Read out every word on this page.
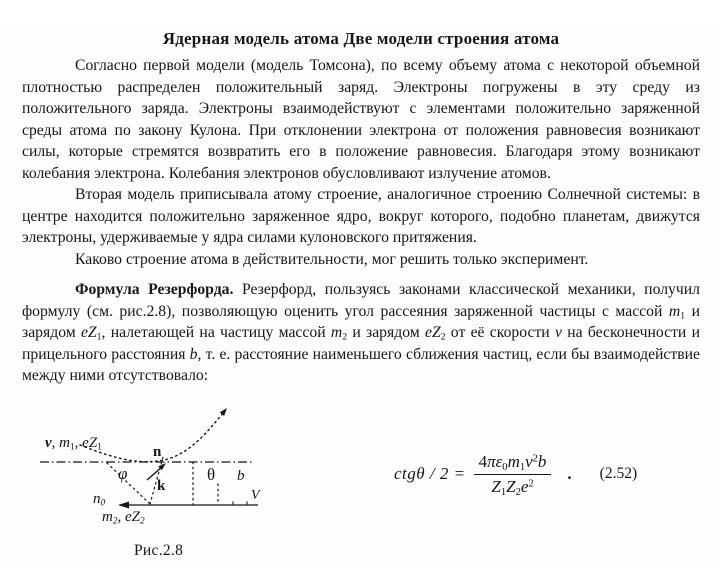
Ядерная модель атома Две модели строения атома

Согласно первой модели (модель Томсона), по всему объему атома с некоторой объемной плотностью распределен положительный заряд. Электроны погружены в эту среду из положительного заряда. Электроны взаимодействуют с элементами положительно заряженной среды атома по закону Кулона. При отклонении электрона от положения равновесия возникают силы, которые стремятся возвратить его в положение равновесия. Благодаря этому возникают колебания электрона. Колебания электронов обусловливают излучение атомов.

Вторая модель приписывала атому строение, аналогичное строению Солнечной системы: в центре находится положительно заряженное ядро, вокруг которого, подобно планетам, движутся электроны, удерживаемые у ядра силами кулоновского притяжения.

Каково строение атома в действительности, мог решить только эксперимент.

Формула Резерфорда. Резерфорд, пользуясь законами классической механики, получил формулу (см. рис.2.8), позволяющую оценить угол рассеяния заряженной частицы с массой $m_1$ и зарядом $eZ_1$, налетающей на частицу массой $m_2$ и зарядом $eZ_2$ от её скорости v на бесконечности и прицельного расстояния b, т. е. расстояние наименьшего сближения частиц, если бы взаимодействие между ними отсутствовало:

v, $m_1$, $eZ_1$
φ
n
k
θ b
V
$n_0$
$m_2$, $eZ_2$
Рис.2.8
$ctg\theta / 2 = \frac{4\pi\varepsilon_0m_1v^2b}{Z_1Z_2e^2}$ . (2.52)
